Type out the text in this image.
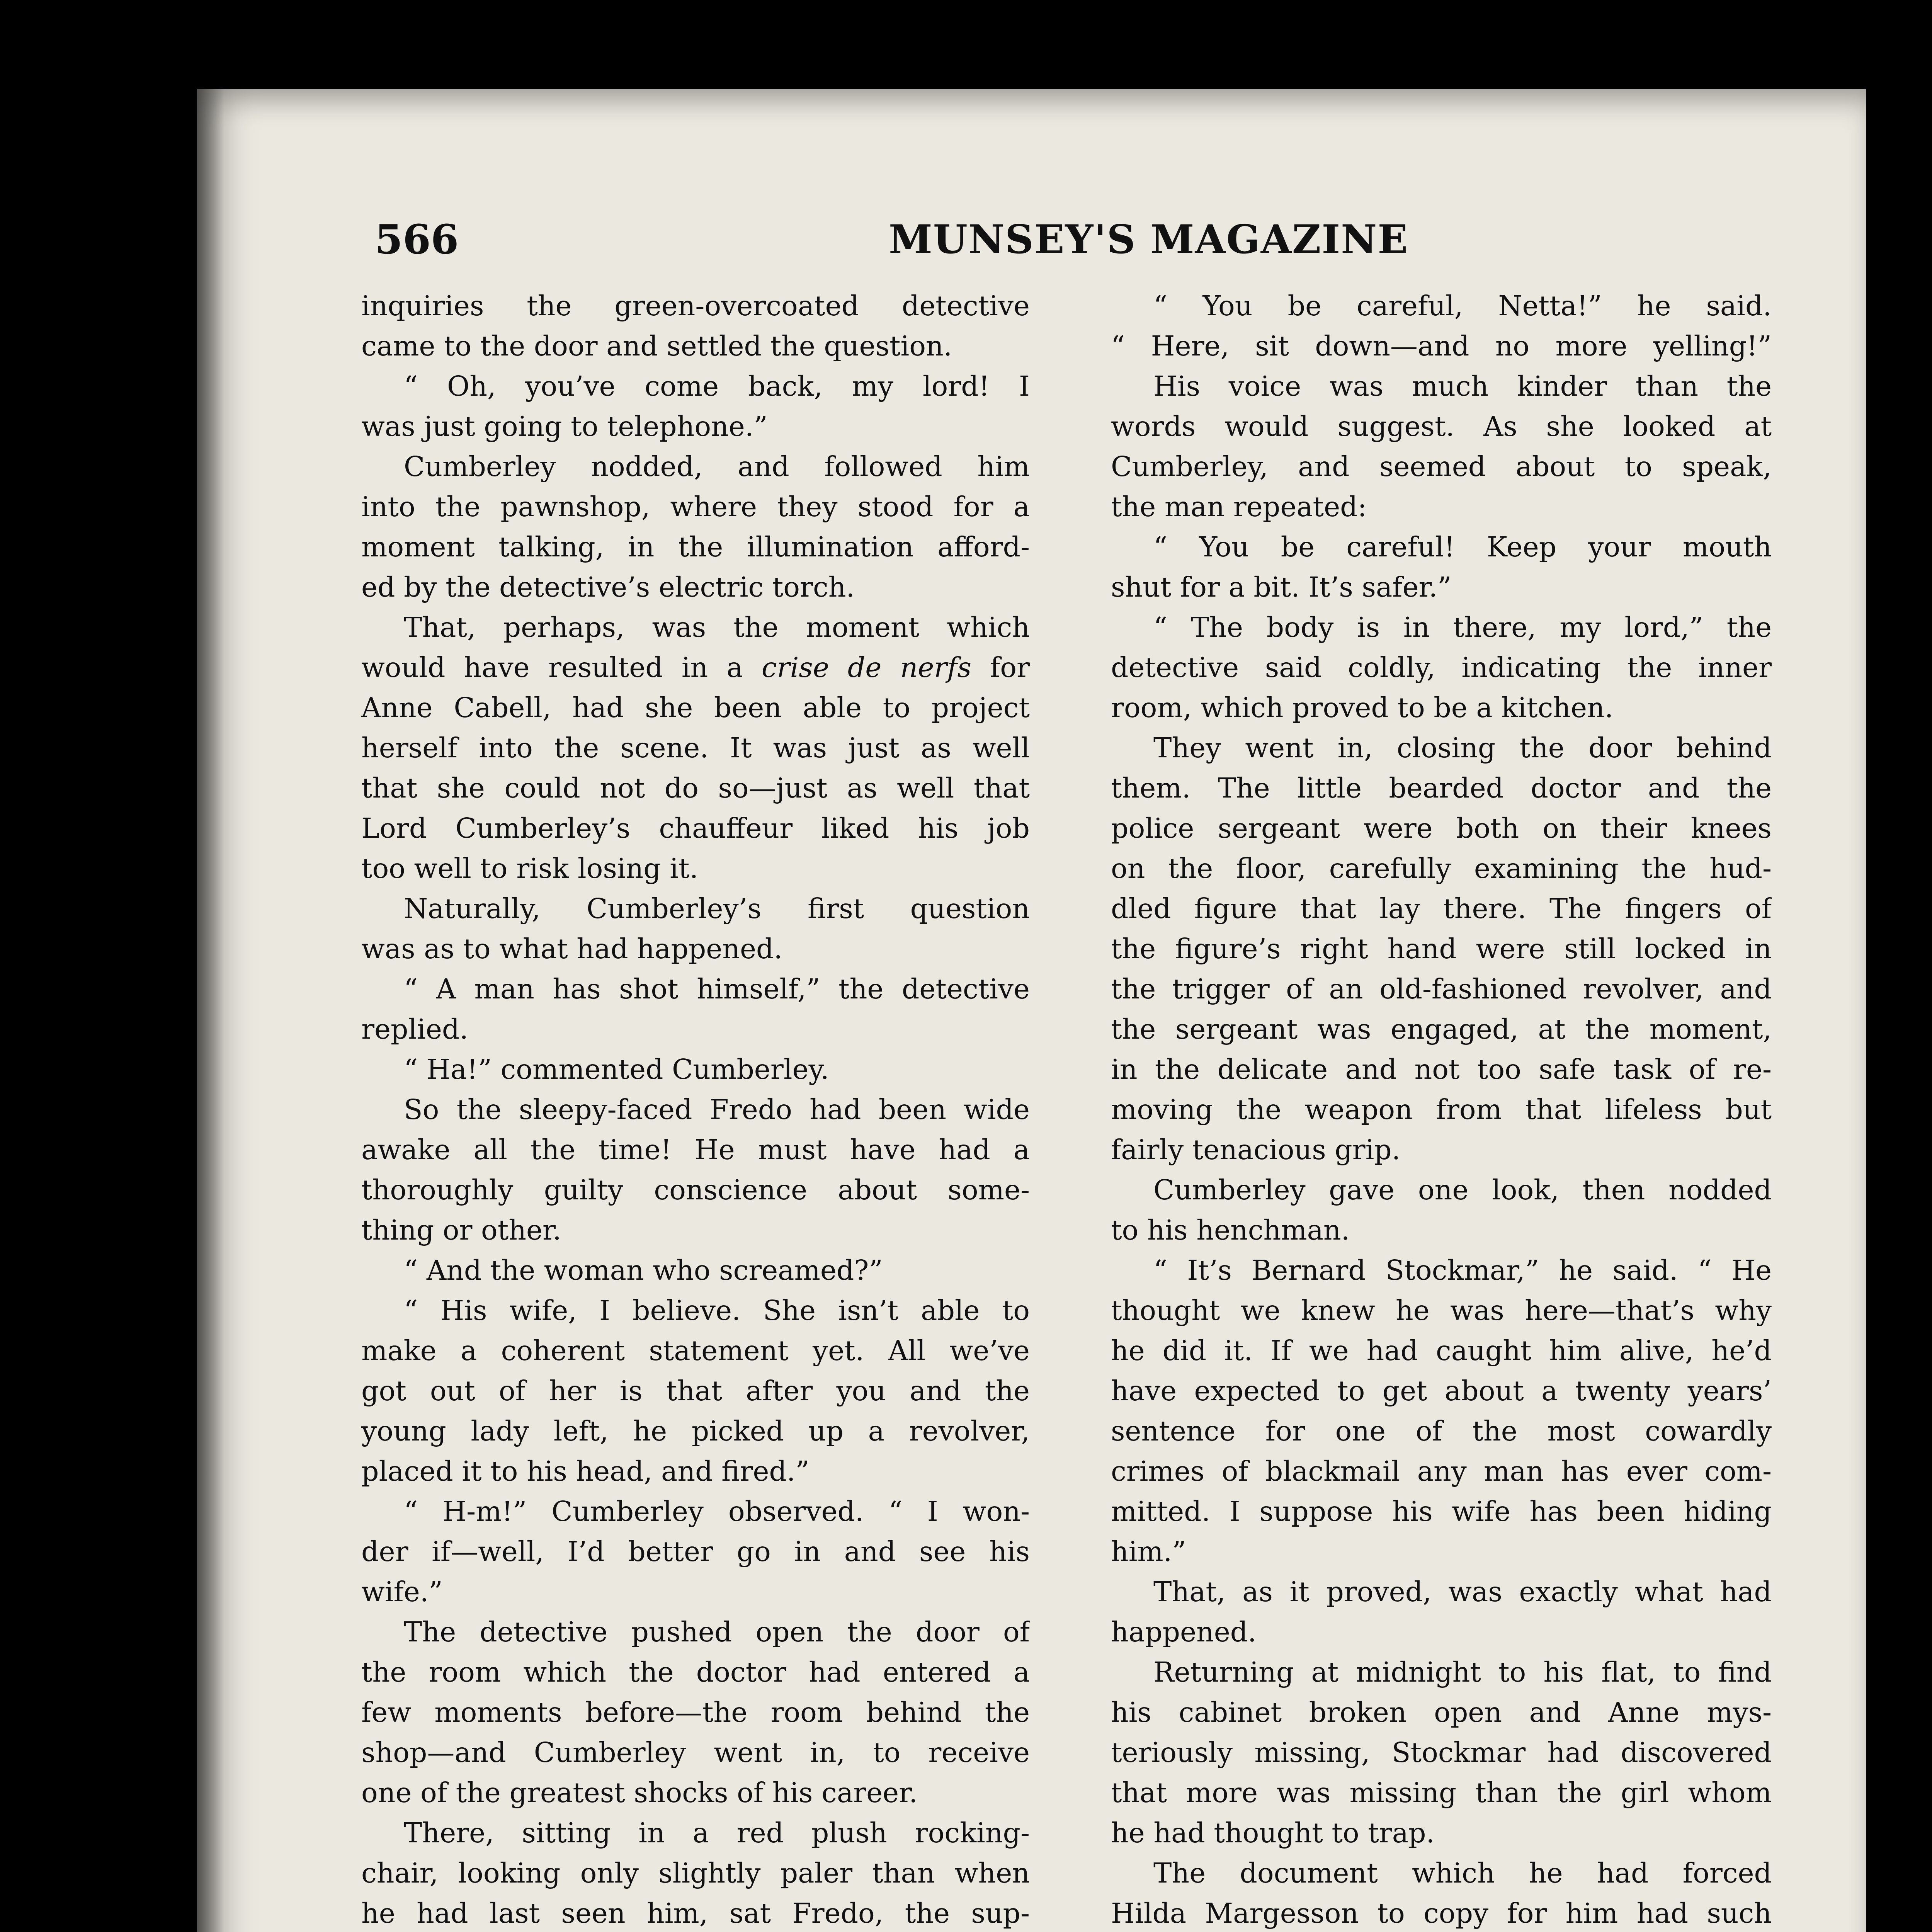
566	MUNSEY'S MAGAZINE
inquiries the green-overcoated detective
came to the door and settled the question.
“ Oh, you’ve come back, my lord! I
was just going to telephone.”
Cumberley nodded, and followed him
into the pawnshop, where they stood for a
moment talking, in the illumination afford-
ed by the detective’s electric torch.
That, perhaps, was the moment which
would have resulted in a crise de nerfs for
Anne Cabell, had she been able to project
herself into the scene. It was just as well
that she could not do so—just as well that
Lord Cumberley’s chauffeur liked his job
too well to risk losing it.
Naturally, Cumberley’s first question
was as to what had happened.
“ A man has shot himself,” the detective
replied.
“ Ha!” commented Cumberley.
So the sleepy-faced Fredo had been wide
awake all the time! He must have had a
thoroughly guilty conscience about some-
thing or other.
“ And the woman who screamed?”
“ His wife, I believe. She isn’t able to
make a coherent statement yet. All we’ve
got out of her is that after you and the
young lady left, he picked up a revolver,
placed it to his head, and fired.”
“ H-m!” Cumberley observed. “ I won-
der if—well, I’d better go in and see his
wife.”
The detective pushed open the door of
the room which the doctor had entered a
few moments before—the room behind the
shop—and Cumberley went in, to receive
one of the greatest shocks of his career.
There, sitting in a red plush rocking-
chair, looking only slightly paler than when
he had last seen him, sat Fredo, the sup-
“ You be careful, Netta!” he said.
“ Here, sit down—and no more yelling!”
His voice was much kinder than the
words would suggest. As she looked at
Cumberley, and seemed about to speak,
the man repeated:
“ You be careful! Keep your mouth
shut for a bit. It’s safer.”
“ The body is in there, my lord,” the
detective said coldly, indicating the inner
room, which proved to be a kitchen.
They went in, closing the door behind
them. The little bearded doctor and the
police sergeant were both on their knees
on the floor, carefully examining the hud-
dled figure that lay there. The fingers of
the figure’s right hand were still locked in
the trigger of an old-fashioned revolver, and
the sergeant was engaged, at the moment,
in the delicate and not too safe task of re-
moving the weapon from that lifeless but
fairly tenacious grip.
Cumberley gave one look, then nodded
to his henchman.
“ It’s Bernard Stockmar,” he said. “ He
thought we knew he was here—that’s why
he did it. If we had caught him alive, he’d
have expected to get about a twenty years’
sentence for one of the most cowardly
crimes of blackmail any man has ever com-
mitted. I suppose his wife has been hiding
him.”
That, as it proved, was exactly what had
happened.
Returning at midnight to his flat, to find
his cabinet broken open and Anne mys-
teriously missing, Stockmar had discovered
that more was missing than the girl whom
he had thought to trap.
The document which he had forced
Hilda Margesson to copy for him had such
